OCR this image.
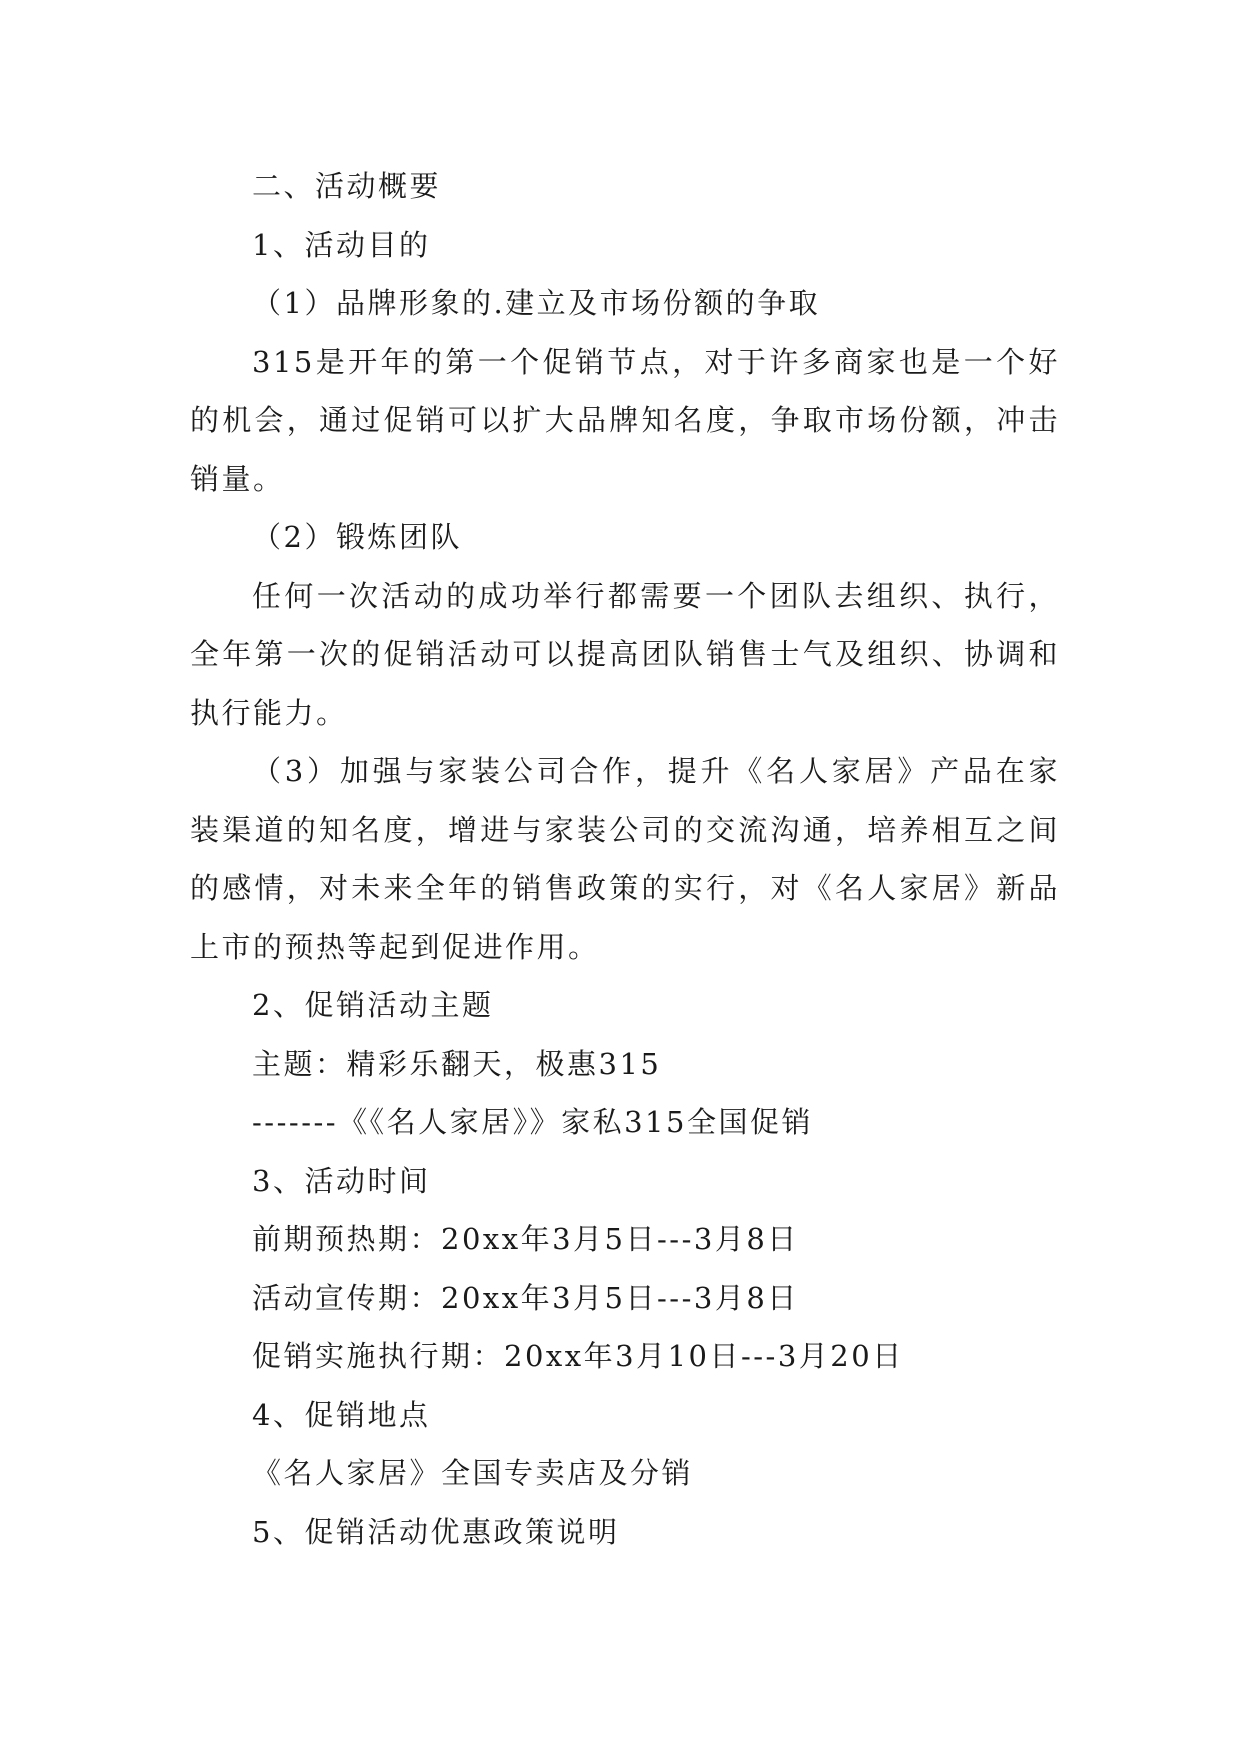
二、活动概要
1、活动目的
（1）品牌形象的.建立及市场份额的争取
315是开年的第一个促销节点，对于许多商家也是一个好的机会，通过促销可以扩大品牌知名度，争取市场份额，冲击销量。
（2）锻炼团队
任何一次活动的成功举行都需要一个团队去组织、执行，全年第一次的促销活动可以提高团队销售士气及组织、协调和执行能力。
（3）加强与家装公司合作，提升《名人家居》产品在家装渠道的知名度，增进与家装公司的交流沟通，培养相互之间的感情，对未来全年的销售政策的实行，对《名人家居》新品上市的预热等起到促进作用。
2、促销活动主题
主题：精彩乐翻天，极惠315
-------《《名人家居》》家私315全国促销
3、活动时间
前期预热期：20xx年3月5日---3月8日
活动宣传期：20xx年3月5日---3月8日
促销实施执行期：20xx年3月10日---3月20日
4、促销地点
《名人家居》全国专卖店及分销
5、促销活动优惠政策说明
